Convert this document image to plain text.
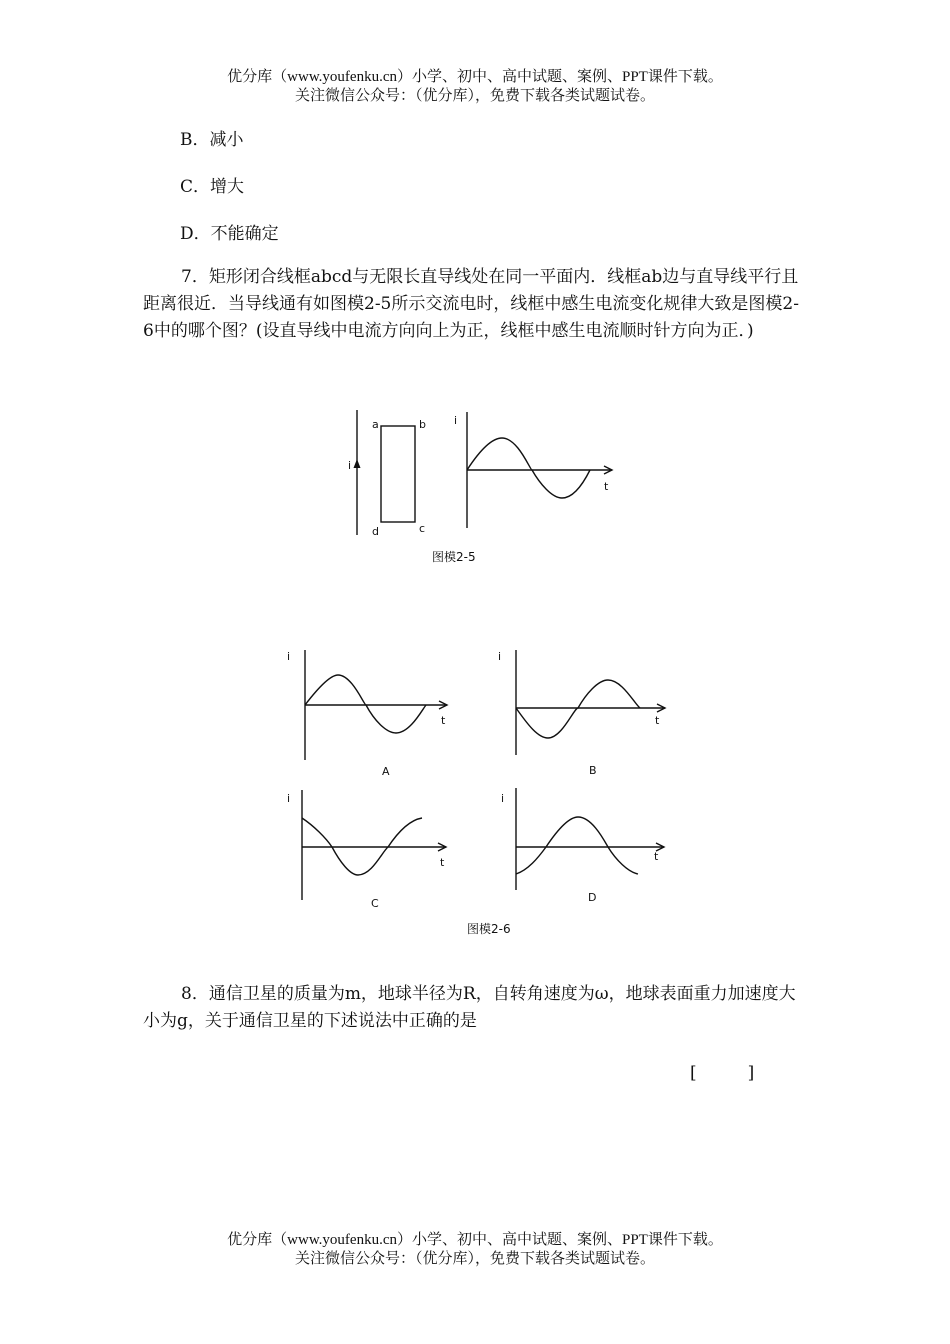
优分库（www.youfenku.cn）小学、初中、高中试题、案例、PPT课件下载。
关注微信公众号：（优分库），免费下载各类试题试卷。
B．减小
C．增大
D．不能确定
7．矩形闭合线框abcd与无限长直导线处在同一平面内．线框ab边与直导线平行且距离很近．当导线通有如图模2-5所示交流电时，线框中感生电流变化规律大致是图模2-6中的哪个图？(设直导线中电流方向向上为正，线框中感生电流顺时针方向为正．)
i
a	b
c
d
i
t
图模2-5
i
t
A
i
t
B
i
t
C
i
t
D
图模2-6
8．通信卫星的质量为m，地球半径为R，自转角速度为ω，地球表面重力加速度大小为g，关于通信卫星的下述说法中正确的是
[　　　]
优分库（www.youfenku.cn）小学、初中、高中试题、案例、PPT课件下载。
关注微信公众号：（优分库），免费下载各类试题试卷。
